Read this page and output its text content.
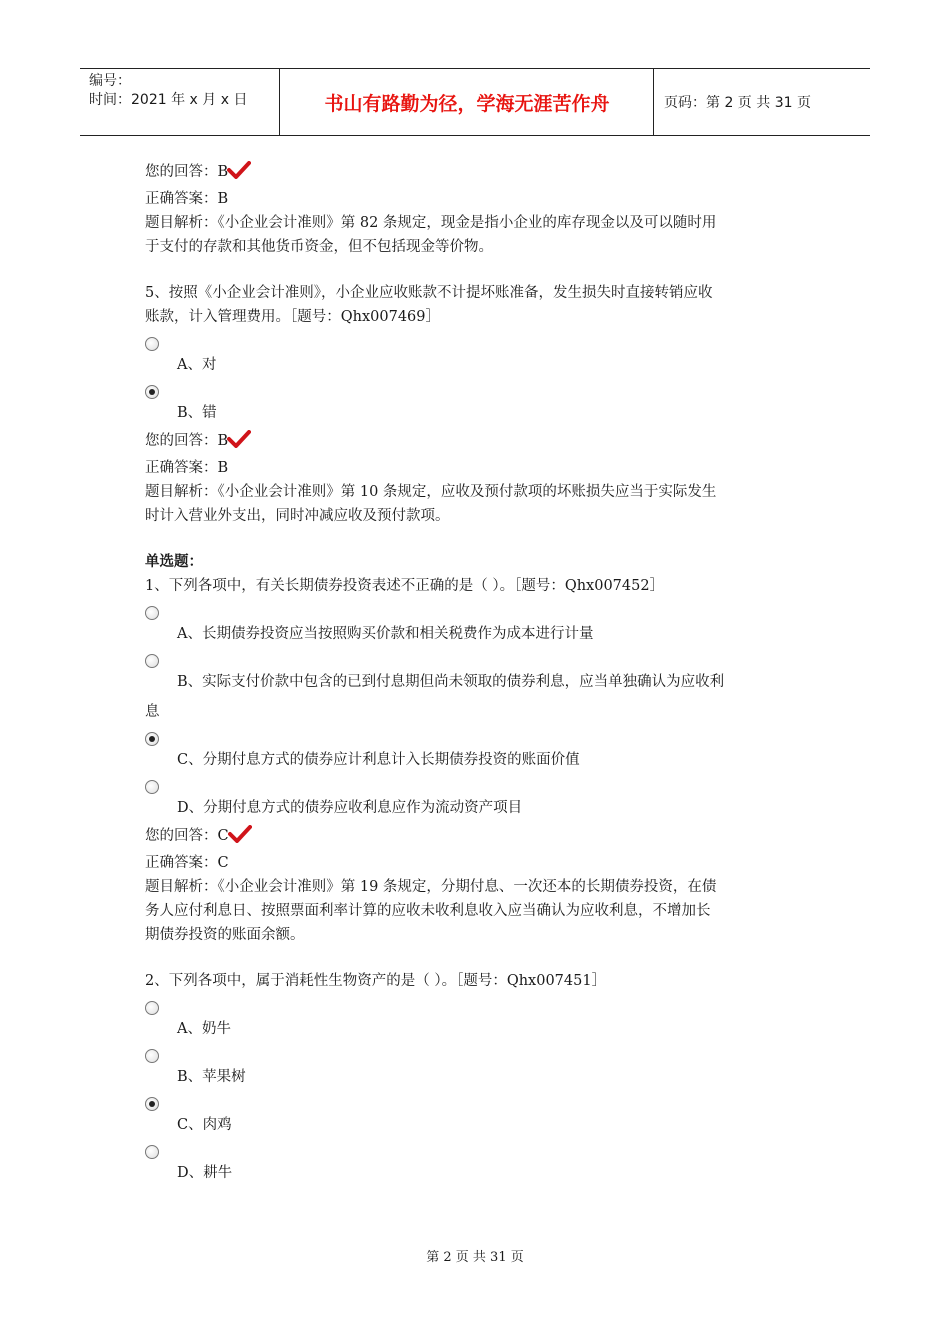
编号：
时间：2021 年 x 月 x 日	书山有路勤为径，学海无涯苦作舟	页码：第 2 页 共 31 页
您的回答：B
正确答案：B
题目解析：《小企业会计准则》第 82 条规定，现金是指小企业的库存现金以及可以随时用
于支付的存款和其他货币资金，但不包括现金等价物。
5、按照《小企业会计准则》，小企业应收账款不计提坏账准备，发生损失时直接转销应收
账款，计入管理费用。［题号：Qhx007469］
A、对
B、错
您的回答：B
正确答案：B
题目解析：《小企业会计准则》第 10 条规定，应收及预付款项的坏账损失应当于实际发生
时计入营业外支出，同时冲减应收及预付款项。
单选题：
1、下列各项中，有关长期债券投资表述不正确的是（ ）。［题号：Qhx007452］
A、长期债券投资应当按照购买价款和相关税费作为成本进行计量
B、实际支付价款中包含的已到付息期但尚未领取的债券利息，应当单独确认为应收利
息
C、分期付息方式的债券应计利息计入长期债券投资的账面价值
D、分期付息方式的债券应收利息应作为流动资产项目
您的回答：C
正确答案：C
题目解析：《小企业会计准则》第 19 条规定，分期付息、一次还本的长期债券投资，在债
务人应付利息日、按照票面利率计算的应收未收利息收入应当确认为应收利息，不增加长
期债券投资的账面余额。
2、下列各项中，属于消耗性生物资产的是（ ）。［题号：Qhx007451］
A、奶牛
B、苹果树
C、肉鸡
D、耕牛
第 2 页 共 31 页
